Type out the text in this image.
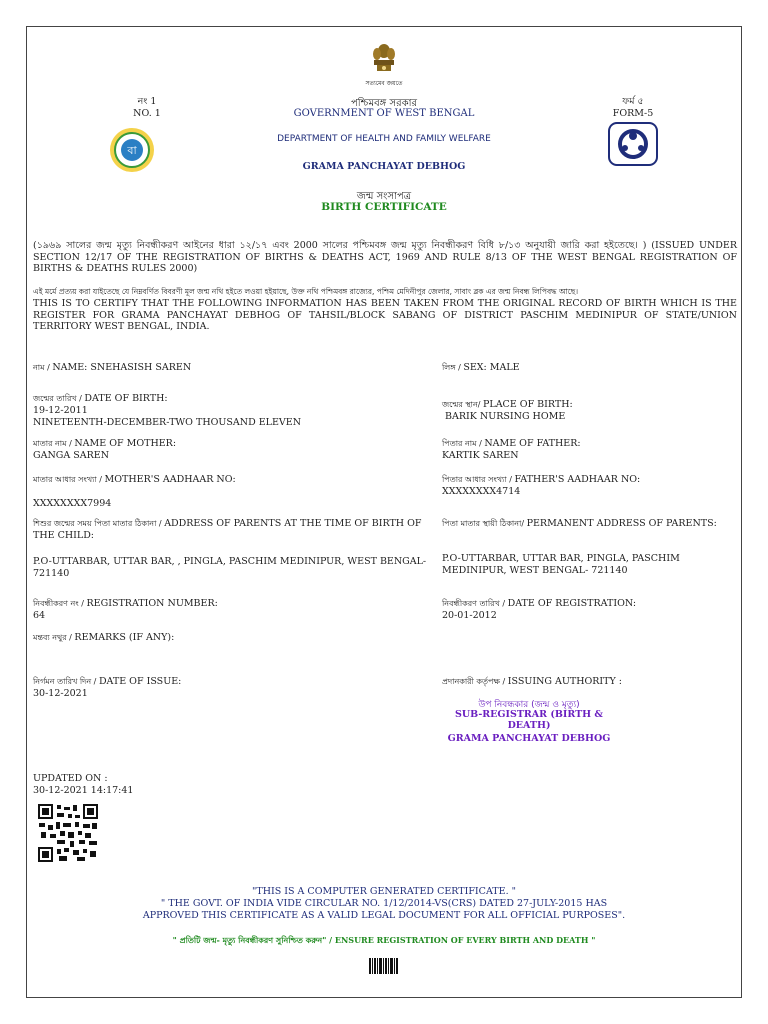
সত্যমেব জয়তে
নং 1
NO. 1
ফর্ম ৫
FORM-5
বা
পশ্চিমবঙ্গ সরকার
GOVERNMENT OF WEST BENGAL
DEPARTMENT OF HEALTH AND FAMILY WELFARE
GRAMA PANCHAYAT DEBHOG
জন্ম সংসাপত্র
BIRTH CERTIFICATE
(১৯৬৯ সালের জন্ম মৃত্যু নিবন্ধীকরণ আইনের ধারা ১২/১৭ এবং 2000 সালের পশ্চিমবঙ্গ জন্ম মৃত্যু নিবন্ধীকরণ বিধি ৮/১৩ অনুযায়ী জারি করা হইতেছে। ) (ISSUED UNDER SECTION 12/17 OF THE REGISTRATION OF BIRTHS & DEATHS ACT, 1969 AND RULE 8/13 OF THE WEST BENGAL REGISTRATION OF BIRTHS & DEATHS RULES 2000)
এই মর্মে প্রত্যয় করা যাইতেছে যে নিম্নবর্ণিত বিবরণী মূল জন্ম নথি হইতে লওয়া হইয়াছে, উক্ত নথি পশ্চিমবঙ্গ রাজ্যের, পশ্চিম মেদিনীপুর জেলার, সাবাং ব্লক এর জন্ম নিবন্ধ লিপিবদ্ধ আছে।
THIS IS TO CERTIFY THAT THE FOLLOWING INFORMATION HAS BEEN TAKEN FROM THE ORIGINAL RECORD OF BIRTH WHICH IS THE REGISTER FOR GRAMA PANCHAYAT DEBHOG OF TAHSIL/BLOCK SABANG OF DISTRICT PASCHIM MEDINIPUR OF STATE/UNION TERRITORY WEST BENGAL, INDIA.
নাম / NAME: SNEHASISH SAREN
জন্মের তারিখ / DATE OF BIRTH:
19-12-2011
NINETEENTH-DECEMBER-TWO THOUSAND ELEVEN
মাতার নাম / NAME OF MOTHER:
GANGA SAREN
মাতার আধার সংখ্যা / MOTHER'S AADHAAR NO:
XXXXXXXX7994
শিশুর জন্মের সময় পিতা মাতার ঠিকানা / ADDRESS OF PARENTS AT THE TIME OF BIRTH OF THE CHILD:
P.O-UTTARBAR, UTTAR BAR, , PINGLA, PASCHIM MEDINIPUR, WEST BENGAL-721140
নিবন্ধীকরণ নং / REGISTRATION NUMBER:
64
মন্তব্য নথুর / REMARKS (IF ANY):
নির্গমন তারিখ দিন / DATE OF ISSUE:
30-12-2021
লিঙ্গ / SEX: MALE
জন্মের স্থান/ PLACE OF BIRTH:
BARIK NURSING HOME
পিতার নাম / NAME OF FATHER:
KARTIK SAREN
পিতার আধার সংখ্যা / FATHER'S AADHAAR NO:
XXXXXXXX4714
পিতা মাতার স্থায়ী ঠিকানা/ PERMANENT ADDRESS OF PARENTS:
P.O-UTTARBAR, UTTAR BAR, PINGLA, PASCHIM MEDINIPUR, WEST BENGAL- 721140
নিবন্ধীকরণ তারিখ / DATE OF REGISTRATION:
20-01-2012
প্রদানকারী কর্তৃপক্ষ / ISSUING AUTHORITY :
উপ নিবন্ধকার (জন্ম ও মৃত্যু)
SUB-REGISTRAR (BIRTH & DEATH)
GRAMA PANCHAYAT DEBHOG
UPDATED ON :
30-12-2021 14:17:41
"THIS IS A COMPUTER GENERATED CERTIFICATE. "
" THE GOVT. OF INDIA VIDE CIRCULAR NO. 1/12/2014-VS(CRS) DATED 27-JULY-2015 HAS
APPROVED THIS CERTIFICATE AS A VALID LEGAL DOCUMENT FOR ALL OFFICIAL PURPOSES".
" প্রতিটি জন্ম- মৃত্যু নিবন্ধীকরণ সুনিশ্চিত করুন" / ENSURE REGISTRATION OF EVERY BIRTH AND DEATH "
